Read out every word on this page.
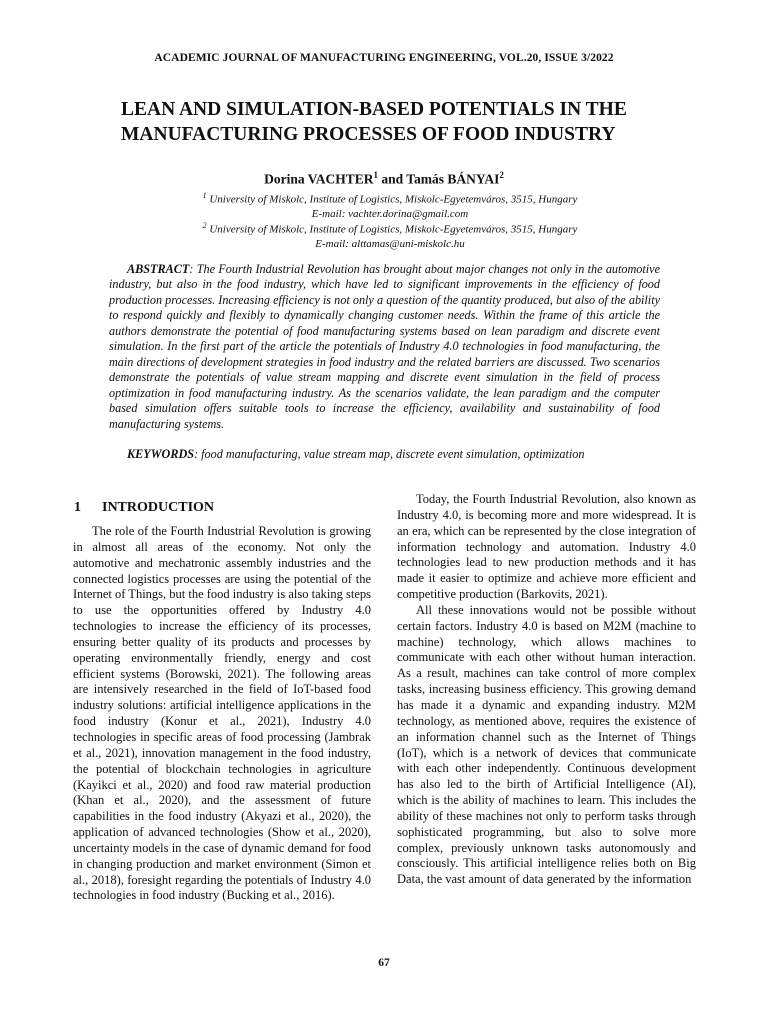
ACADEMIC JOURNAL OF MANUFACTURING ENGINEERING, VOL.20, ISSUE 3/2022
LEAN AND SIMULATION-BASED POTENTIALS IN THE
MANUFACTURING PROCESSES OF FOOD INDUSTRY
Dorina VACHTER$^1$ and Tamás BÁNYAI$^2$
$^1$ University of Miskolc, Institute of Logistics, Miskolc-Egyetemváros, 3515, Hungary
E-mail: vachter.dorina@gmail.com
$^2$ University of Miskolc, Institute of Logistics, Miskolc-Egyetemváros, 3515, Hungary
E-mail: alttamas@uni-miskolc.hu
ABSTRACT: The Fourth Industrial Revolution has brought about major changes not only in the automotive industry, but also in the food industry, which have led to significant improvements in the efficiency of food production processes. Increasing efficiency is not only a question of the quantity produced, but also of the ability to respond quickly and flexibly to dynamically changing customer needs. Within the frame of this article the authors demonstrate the potential of food manufacturing systems based on lean paradigm and discrete event simulation. In the first part of the article the potentials of Industry 4.0 technologies in food manufacturing, the main directions of development strategies in food industry and the related barriers are discussed. Two scenarios demonstrate the potentials of value stream mapping and discrete event simulation in the field of process optimization in food manufacturing industry. As the scenarios validate, the lean paradigm and the computer based simulation offers suitable tools to increase the efficiency, availability and sustainability of food manufacturing systems.
KEYWORDS: food manufacturing, value stream map, discrete event simulation, optimization
1 INTRODUCTION

The role of the Fourth Industrial Revolution is growing in almost all areas of the economy. Not only the automotive and mechatronic assembly industries and the connected logistics processes are using the potential of the Internet of Things, but the food industry is also taking steps to use the opportunities offered by Industry 4.0 technologies to increase the efficiency of its processes, ensuring better quality of its products and processes by operating environmentally friendly, energy and cost efficient systems (Borowski, 2021). The following areas are intensively researched in the field of IoT-based food industry solutions: artificial intelligence applications in the food industry (Konur et al., 2021), Industry 4.0 technologies in specific areas of food processing (Jambrak et al., 2021), innovation management in the food industry, the potential of blockchain technologies in agriculture (Kayikci et al., 2020) and food raw material production (Khan et al., 2020), and the assessment of future capabilities in the food industry (Akyazi et al., 2020), the application of advanced technologies (Show et al., 2020), uncertainty models in the case of dynamic demand for food in changing production and market environment (Simon et al., 2018), foresight regarding the potentials of Industry 4.0 technologies in food industry (Bucking et al., 2016).

Today, the Fourth Industrial Revolution, also known as Industry 4.0, is becoming more and more widespread. It is an era, which can be represented by the close integration of information technology and automation. Industry 4.0 technologies lead to new production methods and it has made it easier to optimize and achieve more efficient and competitive production (Barkovits, 2021).

All these innovations would not be possible without certain factors. Industry 4.0 is based on M2M (machine to machine) technology, which allows machines to communicate with each other without human interaction. As a result, machines can take control of more complex tasks, increasing business efficiency. This growing demand has made it a dynamic and expanding industry. M2M technology, as mentioned above, requires the existence of an information channel such as the Internet of Things (IoT), which is a network of devices that communicate with each other independently. Continuous development has also led to the birth of Artificial Intelligence (AI), which is the ability of machines to learn. This includes the ability of these machines not only to perform tasks through sophisticated programming, but also to solve more complex, previously unknown tasks autonomously and consciously. This artificial intelligence relies both on Big Data, the vast amount of data generated by the information

67
